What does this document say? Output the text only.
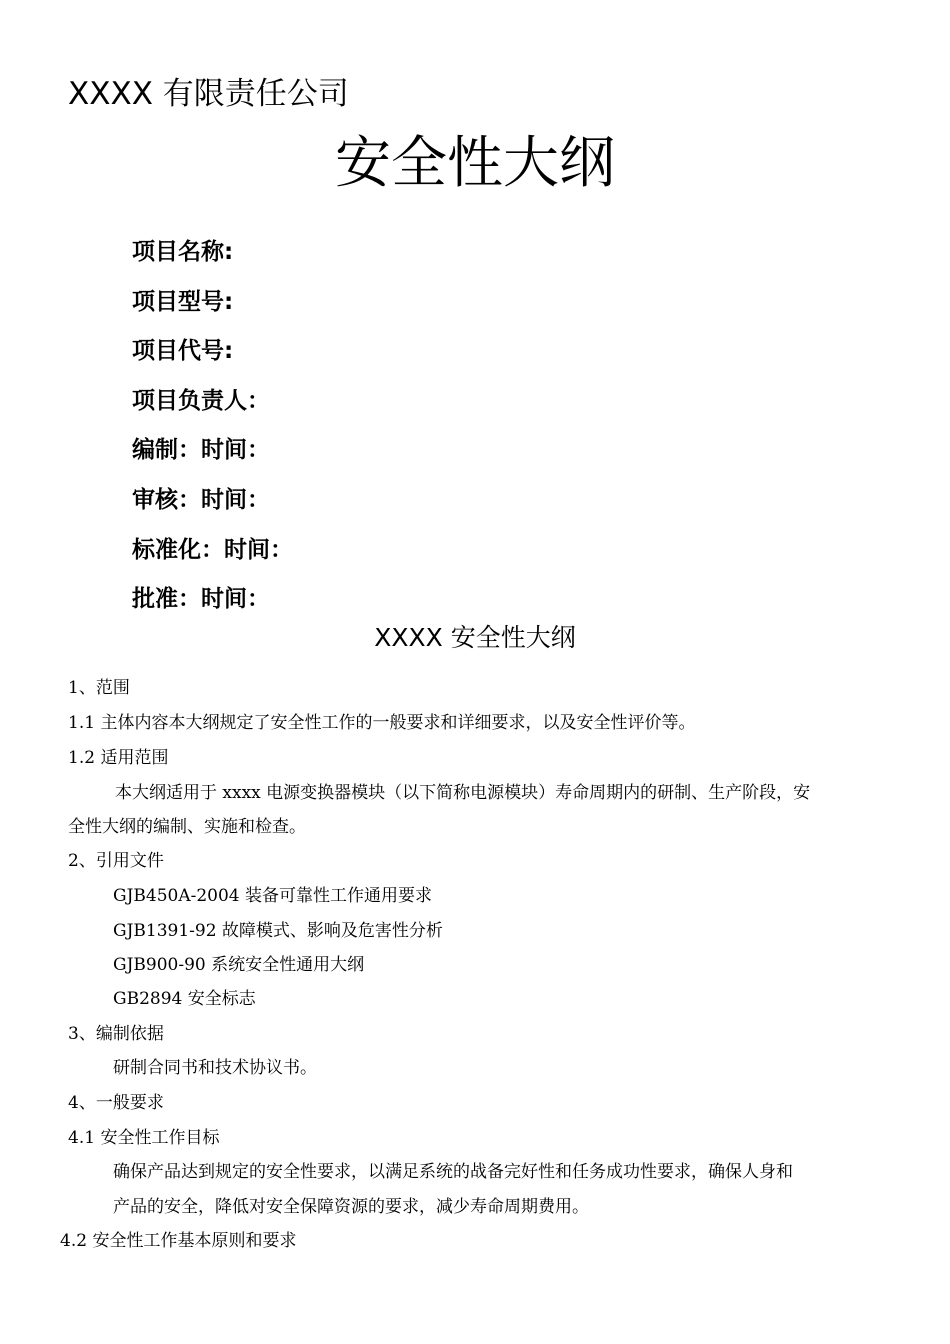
XXXX 有限责任公司
安全性大纲
项目名称:
项目型号:
项目代号:
项目负责人：
编制：时间：
审核：时间：
标准化：时间：
批准：时间：
XXXX 安全性大纲
1、范围
1.1 主体内容本大纲规定了安全性工作的一般要求和详细要求，以及安全性评价等。
1.2 适用范围
本大纲适用于 xxxx 电源变换器模块（以下简称电源模块）寿命周期内的研制、生产阶段，安
全性大纲的编制、实施和检查。
2、引用文件
GJB450A-2004 装备可靠性工作通用要求
GJB1391-92 故障模式、影响及危害性分析
GJB900-90 系统安全性通用大纲
GB2894 安全标志
3、编制依据
研制合同书和技术协议书。
4、一般要求
4.1 安全性工作目标
确保产品达到规定的安全性要求，以满足系统的战备完好性和任务成功性要求，确保人身和
产品的安全，降低对安全保障资源的要求，减少寿命周期费用。
4.2 安全性工作基本原则和要求
